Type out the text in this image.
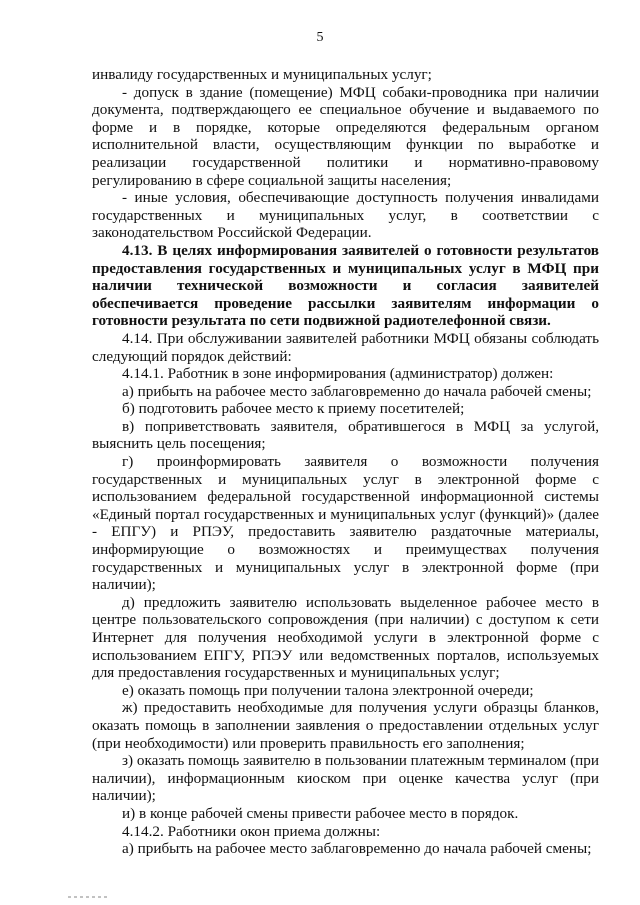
5

инвалиду государственных и муниципальных услуг;

- допуск в здание (помещение) МФЦ собаки-проводника при наличии документа, подтверждающего ее специальное обучение и выдаваемого по форме и в порядке, которые определяются федеральным органом исполнительной власти, осуществляющим функции по выработке и реализации государственной политики и нормативно-правовому регулированию в сфере социальной защиты населения;

- иные условия, обеспечивающие доступность получения инвалидами государственных и муниципальных услуг, в соответствии с законодательством Российской Федерации.

4.13. В целях информирования заявителей о готовности результатов предоставления государственных и муниципальных услуг в МФЦ при наличии технической возможности и согласия заявителей обеспечивается проведение рассылки заявителям информации о готовности результата по сети подвижной радиотелефонной связи.

4.14. При обслуживании заявителей работники МФЦ обязаны соблюдать следующий порядок действий:

4.14.1. Работник в зоне информирования (администратор) должен:

а) прибыть на рабочее место заблаговременно до начала рабочей смены;

б) подготовить рабочее место к приему посетителей;

в) поприветствовать заявителя, обратившегося в МФЦ за услугой, выяснить цель посещения;

г) проинформировать заявителя о возможности получения государственных и муниципальных услуг в электронной форме с использованием федеральной государственной информационной системы «Единый портал государственных и муниципальных услуг (функций)» (далее - ЕПГУ) и РПЭУ, предоставить заявителю раздаточные материалы, информирующие о возможностях и преимуществах получения государственных и муниципальных услуг в электронной форме (при наличии);

д) предложить заявителю использовать выделенное рабочее место в центре пользовательского сопровождения (при наличии) с доступом к сети Интернет для получения необходимой услуги в электронной форме с использованием ЕПГУ, РПЭУ или ведомственных порталов, используемых для предоставления государственных и муниципальных услуг;

е) оказать помощь при получении талона электронной очереди;

ж) предоставить необходимые для получения услуги образцы бланков, оказать помощь в заполнении заявления о предоставлении отдельных услуг (при необходимости) или проверить правильность его заполнения;

з) оказать помощь заявителю в пользовании платежным терминалом (при наличии), информационным киоском при оценке качества услуг (при наличии);

и) в конце рабочей смены привести рабочее место в порядок.

4.14.2. Работники окон приема должны:

а) прибыть на рабочее место заблаговременно до начала рабочей смены;
